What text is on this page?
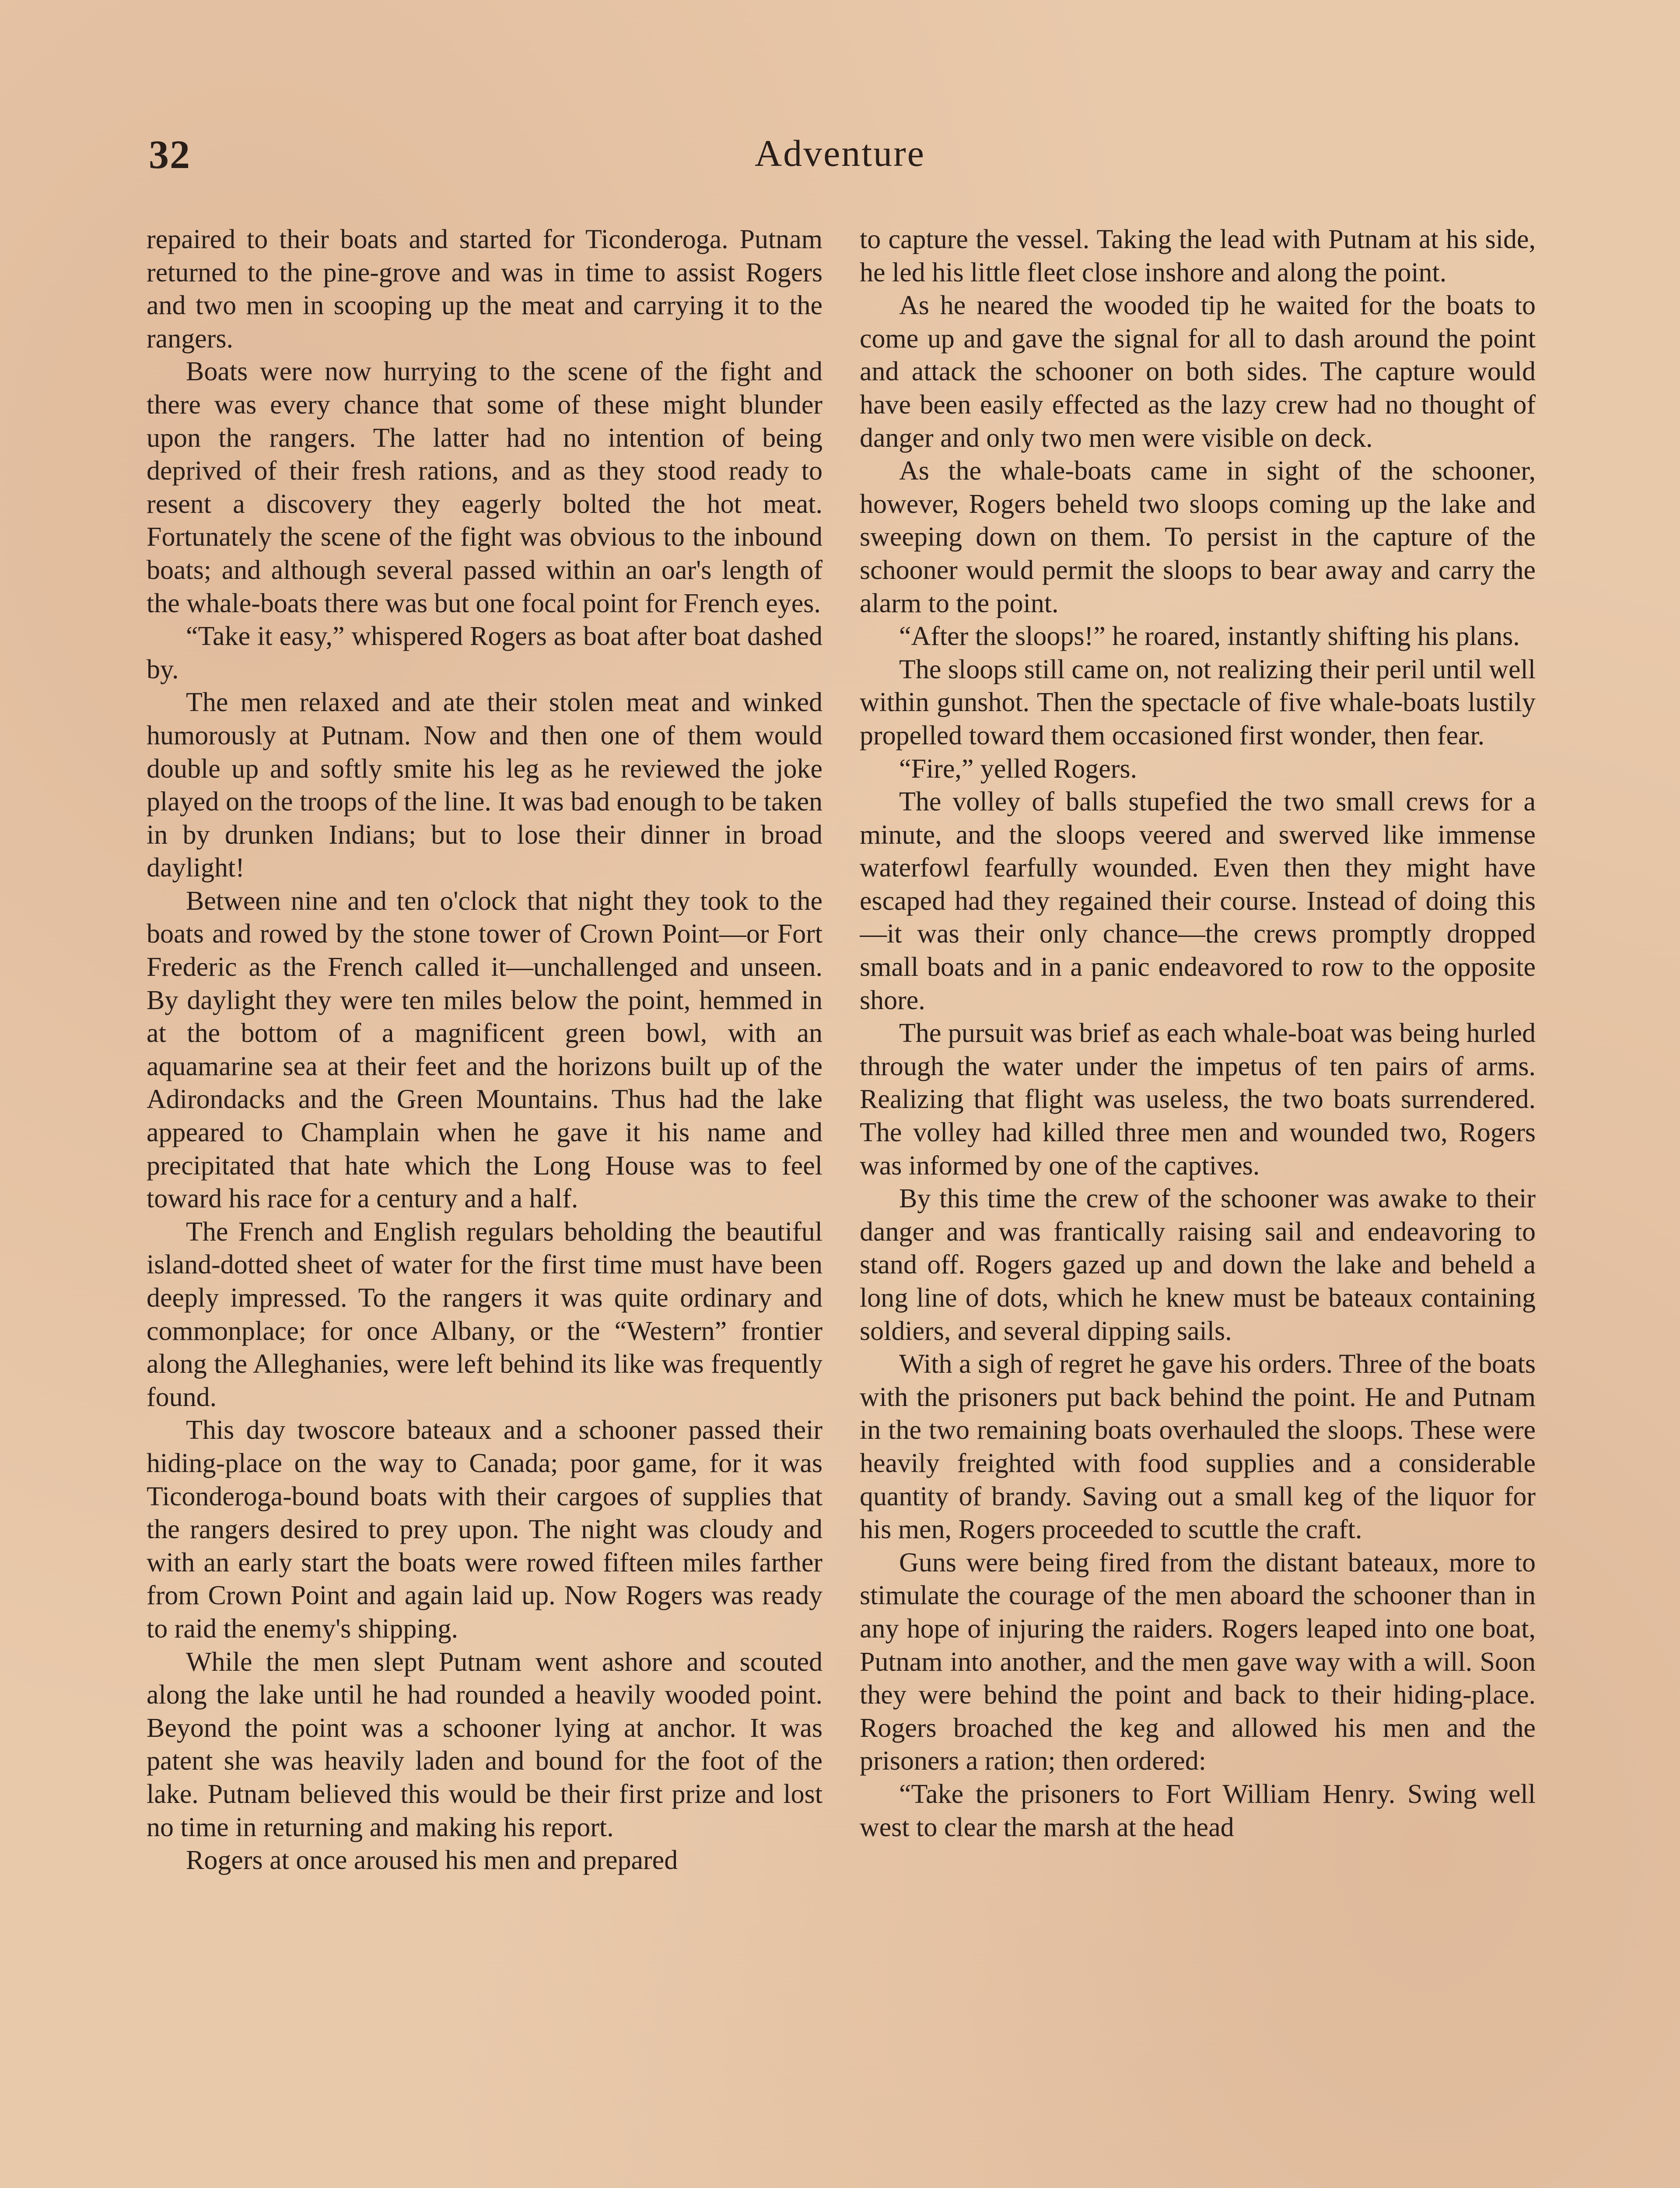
32	Adventure

repaired to their boats and started for Ticonderoga. Putnam returned to the pine-grove and was in time to assist Rogers and two men in scooping up the meat and carrying it to the rangers.

Boats were now hurrying to the scene of the fight and there was every chance that some of these might blunder upon the rangers. The latter had no intention of being deprived of their fresh rations, and as they stood ready to resent a discovery they eagerly bolted the hot meat. Fortunately the scene of the fight was obvious to the inbound boats; and although several passed within an oar's length of the whale-boats there was but one focal point for French eyes.

“Take it easy,” whispered Rogers as boat after boat dashed by.

The men relaxed and ate their stolen meat and winked humorously at Putnam. Now and then one of them would double up and softly smite his leg as he reviewed the joke played on the troops of the line. It was bad enough to be taken in by drunken Indians; but to lose their dinner in broad daylight!

Between nine and ten o'clock that night they took to the boats and rowed by the stone tower of Crown Point—or Fort Frederic as the French called it—unchallenged and unseen. By daylight they were ten miles below the point, hemmed in at the bottom of a magnificent green bowl, with an aquamarine sea at their feet and the horizons built up of the Adirondacks and the Green Mountains. Thus had the lake appeared to Champlain when he gave it his name and precipitated that hate which the Long House was to feel toward his race for a century and a half.

The French and English regulars beholding the beautiful island-dotted sheet of water for the first time must have been deeply impressed. To the rangers it was quite ordinary and commonplace; for once Albany, or the “Western” frontier along the Alleghanies, were left behind its like was frequently found.

This day twoscore bateaux and a schooner passed their hiding-place on the way to Canada; poor game, for it was Ticonderoga-bound boats with their cargoes of supplies that the rangers desired to prey upon. The night was cloudy and with an early start the boats were rowed fifteen miles farther from Crown Point and again laid up. Now Rogers was ready to raid the enemy's shipping.

While the men slept Putnam went ashore and scouted along the lake until he had rounded a heavily wooded point. Beyond the point was a schooner lying at anchor. It was patent she was heavily laden and bound for the foot of the lake. Putnam believed this would be their first prize and lost no time in returning and making his report.

Rogers at once aroused his men and prepared

to capture the vessel. Taking the lead with Putnam at his side, he led his little fleet close inshore and along the point.

As he neared the wooded tip he waited for the boats to come up and gave the signal for all to dash around the point and attack the schooner on both sides. The capture would have been easily effected as the lazy crew had no thought of danger and only two men were visible on deck.

As the whale-boats came in sight of the schooner, however, Rogers beheld two sloops coming up the lake and sweeping down on them. To persist in the capture of the schooner would permit the sloops to bear away and carry the alarm to the point.

“After the sloops!” he roared, instantly shifting his plans.

The sloops still came on, not realizing their peril until well within gunshot. Then the spectacle of five whale-boats lustily propelled toward them occasioned first wonder, then fear.

“Fire,” yelled Rogers.

The volley of balls stupefied the two small crews for a minute, and the sloops veered and swerved like immense waterfowl fearfully wounded. Even then they might have escaped had they regained their course. Instead of doing this—it was their only chance—the crews promptly dropped small boats and in a panic endeavored to row to the opposite shore.

The pursuit was brief as each whale-boat was being hurled through the water under the impetus of ten pairs of arms. Realizing that flight was useless, the two boats surrendered. The volley had killed three men and wounded two, Rogers was informed by one of the captives.

By this time the crew of the schooner was awake to their danger and was frantically raising sail and endeavoring to stand off. Rogers gazed up and down the lake and beheld a long line of dots, which he knew must be bateaux containing soldiers, and several dipping sails.

With a sigh of regret he gave his orders. Three of the boats with the prisoners put back behind the point. He and Putnam in the two remaining boats overhauled the sloops. These were heavily freighted with food supplies and a considerable quantity of brandy. Saving out a small keg of the liquor for his men, Rogers proceeded to scuttle the craft.

Guns were being fired from the distant bateaux, more to stimulate the courage of the men aboard the schooner than in any hope of injuring the raiders. Rogers leaped into one boat, Putnam into another, and the men gave way with a will. Soon they were behind the point and back to their hiding-place. Rogers broached the keg and allowed his men and the prisoners a ration; then ordered:

“Take the prisoners to Fort William Henry. Swing well west to clear the marsh at the head
